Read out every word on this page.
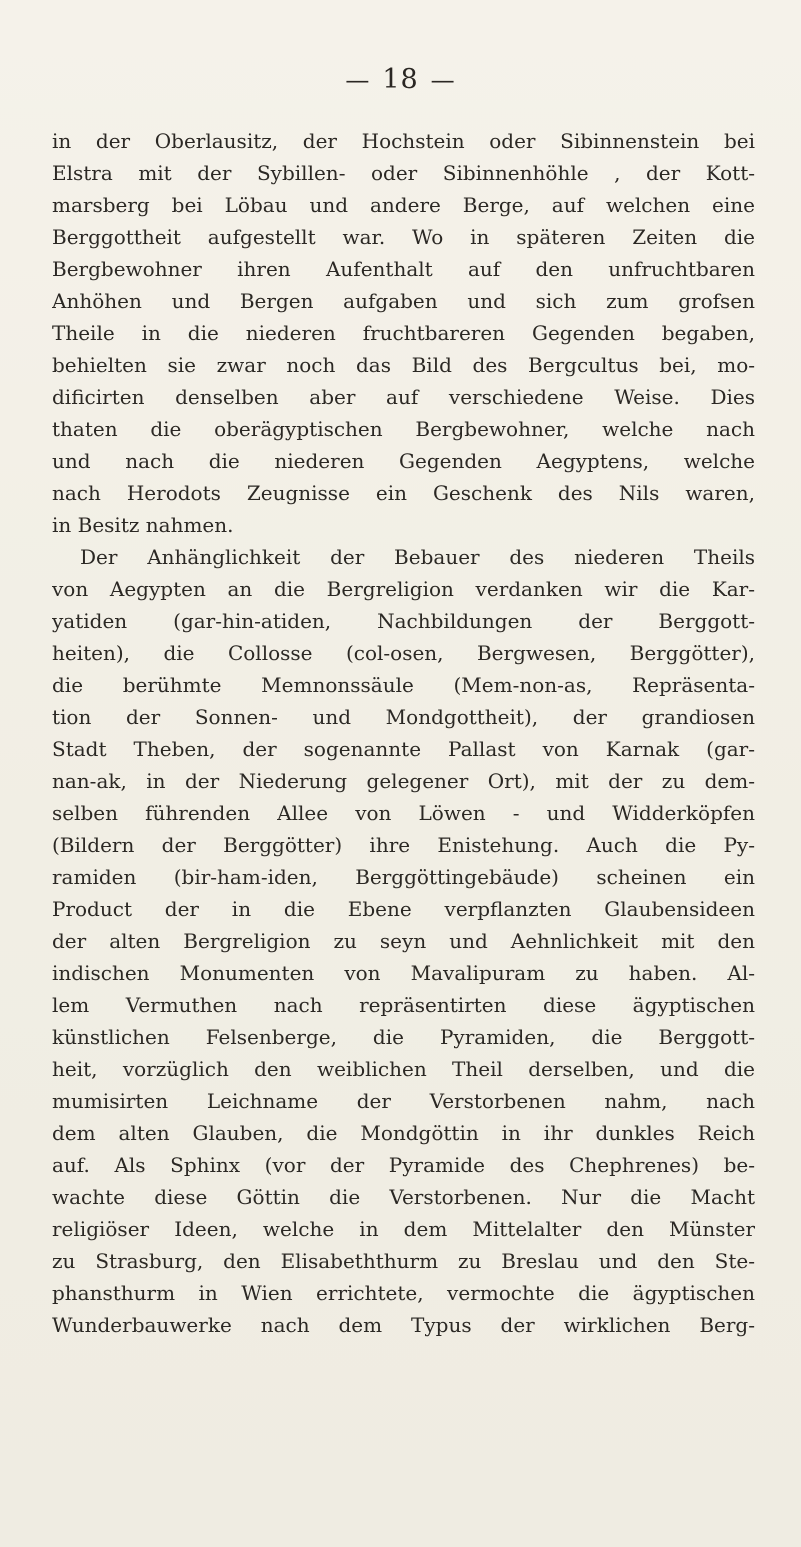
— 18 —
in der Oberlausitz, der Hochstein oder Sibinnenstein bei
Elstra mit der Sybillen- oder Sibinnenhöhle , der Kott-
marsberg bei Löbau und andere Berge, auf welchen eine
Berggottheit aufgestellt war. Wo in späteren Zeiten die
Bergbewohner ihren Aufenthalt auf den unfruchtbaren
Anhöhen und Bergen aufgaben und sich zum grofsen
Theile in die niederen fruchtbareren Gegenden begaben,
behielten sie zwar noch das Bild des Bergcultus bei, mo-
dificirten denselben aber auf verschiedene Weise. Dies
thaten die oberägyptischen Bergbewohner, welche nach
und nach die niederen Gegenden Aegyptens, welche
nach Herodots Zeugnisse ein Geschenk des Nils waren,
in Besitz nahmen.
Der Anhänglichkeit der Bebauer des niederen Theils
von Aegypten an die Bergreligion verdanken wir die Kar-
yatiden (gar-hin-atiden, Nachbildungen der Berggott-
heiten), die Collosse (col-osen, Bergwesen, Berggötter),
die berühmte Memnonssäule (Mem-non-as, Repräsenta-
tion der Sonnen- und Mondgottheit), der grandiosen
Stadt Theben, der sogenannte Pallast von Karnak (gar-
nan-ak, in der Niederung gelegener Ort), mit der zu dem-
selben führenden Allee von Löwen - und Widderköpfen
(Bildern der Berggötter) ihre Enistehung. Auch die Py-
ramiden (bir-ham-iden, Berggöttingebäude) scheinen ein
Product der in die Ebene verpflanzten Glaubensideen
der alten Bergreligion zu seyn und Aehnlichkeit mit den
indischen Monumenten von Mavalipuram zu haben. Al-
lem Vermuthen nach repräsentirten diese ägyptischen
künstlichen Felsenberge, die Pyramiden, die Berggott-
heit, vorzüglich den weiblichen Theil derselben, und die
mumisirten Leichname der Verstorbenen nahm, nach
dem alten Glauben, die Mondgöttin in ihr dunkles Reich
auf. Als Sphinx (vor der Pyramide des Chephrenes) be-
wachte diese Göttin die Verstorbenen. Nur die Macht
religiöser Ideen, welche in dem Mittelalter den Münster
zu Strasburg, den Elisabeththurm zu Breslau und den Ste-
phansthurm in Wien errichtete, vermochte die ägyptischen
Wunderbauwerke nach dem Typus der wirklichen Berg-
